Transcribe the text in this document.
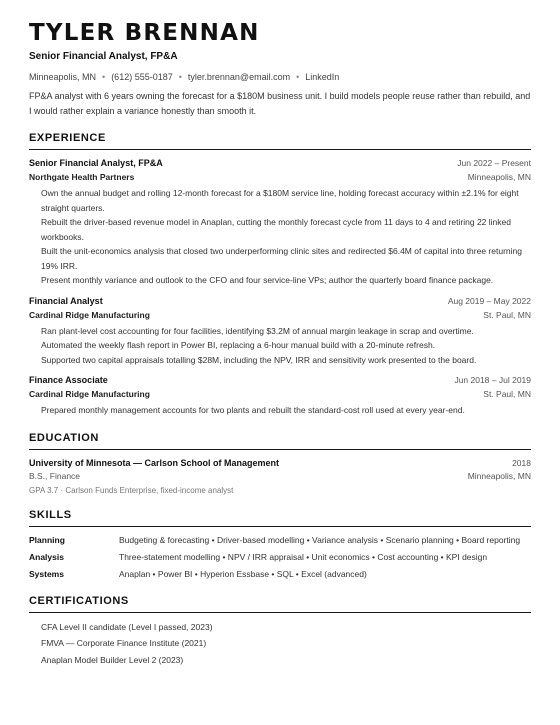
TYLER BRENNAN
Senior Financial Analyst, FP&A
Minneapolis, MN • (612) 555-0187 • tyler.brennan@email.com • LinkedIn
FP&A analyst with 6 years owning the forecast for a $180M business unit. I build models people reuse rather than rebuild, and I would rather explain a variance honestly than smooth it.
EXPERIENCE
Senior Financial Analyst, FP&A	Jun 2022 – Present
Northgate Health Partners	Minneapolis, MN
Own the annual budget and rolling 12-month forecast for a $180M service line, holding forecast accuracy within ±2.1% for eight straight quarters.
Rebuilt the driver-based revenue model in Anaplan, cutting the monthly forecast cycle from 11 days to 4 and retiring 22 linked workbooks.
Built the unit-economics analysis that closed two underperforming clinic sites and redirected $6.4M of capital into three returning 19% IRR.
Present monthly variance and outlook to the CFO and four service-line VPs; author the quarterly board finance package.
Financial Analyst	Aug 2019 – May 2022
Cardinal Ridge Manufacturing	St. Paul, MN
Ran plant-level cost accounting for four facilities, identifying $3.2M of annual margin leakage in scrap and overtime.
Automated the weekly flash report in Power BI, replacing a 6-hour manual build with a 20-minute refresh.
Supported two capital appraisals totalling $28M, including the NPV, IRR and sensitivity work presented to the board.
Finance Associate	Jun 2018 – Jul 2019
Cardinal Ridge Manufacturing	St. Paul, MN
Prepared monthly management accounts for two plants and rebuilt the standard-cost roll used at every year-end.
EDUCATION
University of Minnesota — Carlson School of Management	2018
B.S., Finance	Minneapolis, MN
GPA 3.7 · Carlson Funds Enterprise, fixed-income analyst
SKILLS
Planning	Budgeting & forecasting • Driver-based modelling • Variance analysis • Scenario planning • Board reporting
Analysis	Three-statement modelling • NPV / IRR appraisal • Unit economics • Cost accounting • KPI design
Systems	Anaplan • Power BI • Hyperion Essbase • SQL • Excel (advanced)
CERTIFICATIONS
CFA Level II candidate (Level I passed, 2023)
FMVA — Corporate Finance Institute (2021)
Anaplan Model Builder Level 2 (2023)
